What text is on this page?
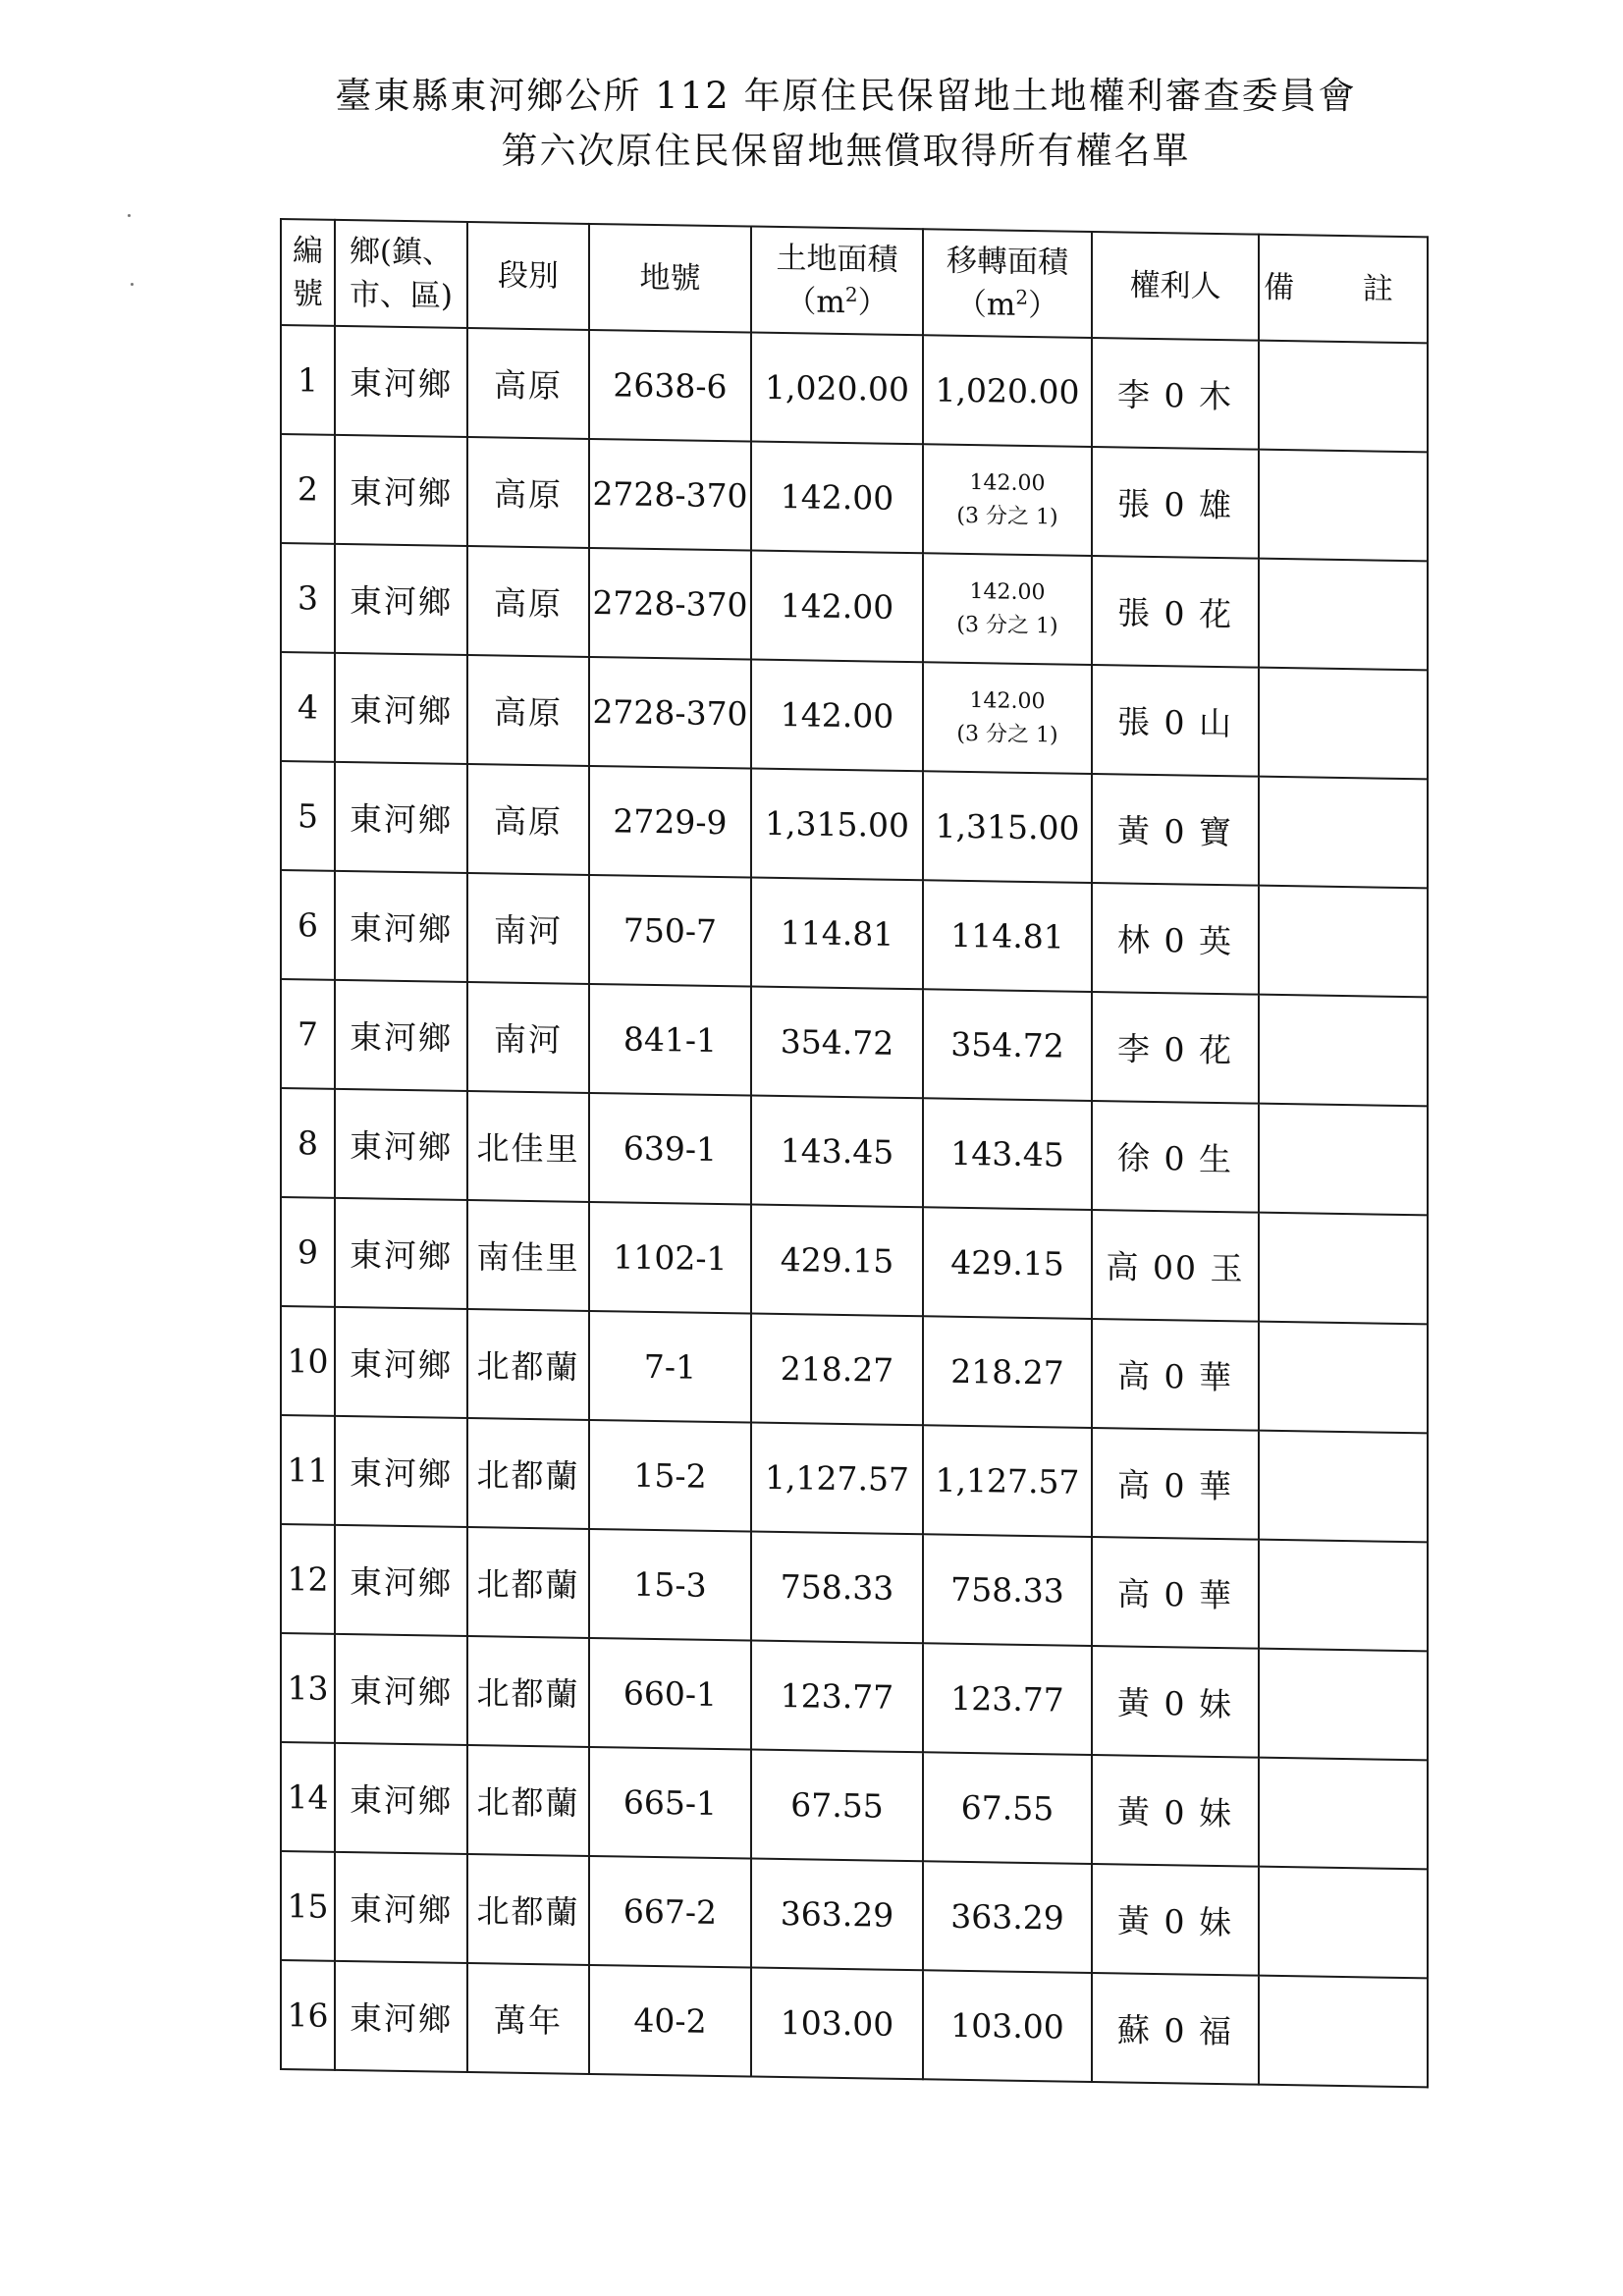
臺東縣東河鄉公所 112 年原住民保留地土地權利審查委員會
第六次原住民保留地無償取得所有權名單
編
號	鄉(鎮、
市、區)	段別	地號	土地面積
$(m^2)$	移轉面積
$(m^2)$	權利人	備 註
1	東河鄉	高原	2638-6	1,020.00	1,020.00	李 0 木	
2	東河鄉	高原	2728-370	142.00	142.00
(3 分之 1)	張 0 雄	
3	東河鄉	高原	2728-370	142.00	142.00
(3 分之 1)	張 0 花	
4	東河鄉	高原	2728-370	142.00	142.00
(3 分之 1)	張 0 山	
5	東河鄉	高原	2729-9	1,315.00	1,315.00	黃 0 寶	
6	東河鄉	南河	750-7	114.81	114.81	林 0 英	
7	東河鄉	南河	841-1	354.72	354.72	李 0 花	
8	東河鄉	北佳里	639-1	143.45	143.45	徐 0 生	
9	東河鄉	南佳里	1102-1	429.15	429.15	高 00 玉	
10	東河鄉	北都蘭	7-1	218.27	218.27	高 0 華	
11	東河鄉	北都蘭	15-2	1,127.57	1,127.57	高 0 華	
12	東河鄉	北都蘭	15-3	758.33	758.33	高 0 華	
13	東河鄉	北都蘭	660-1	123.77	123.77	黃 0 妹	
14	東河鄉	北都蘭	665-1	67.55	67.55	黃 0 妹	
15	東河鄉	北都蘭	667-2	363.29	363.29	黃 0 妹	
16	東河鄉	萬年	40-2	103.00	103.00	蘇 0 福	
